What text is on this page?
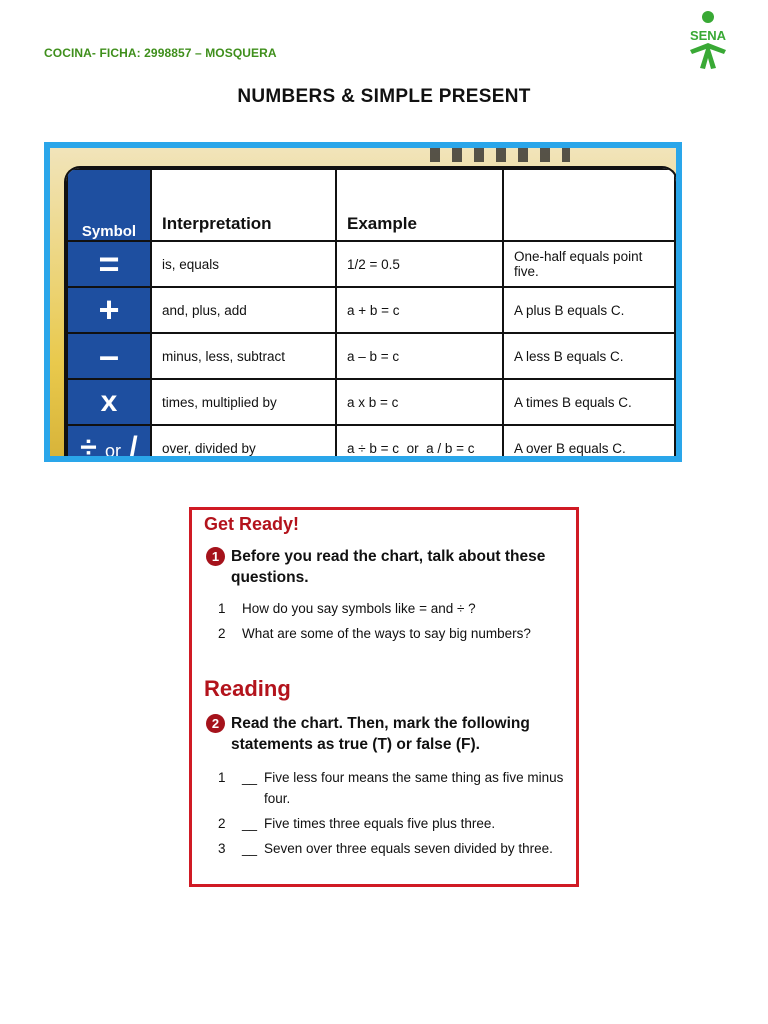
COCINA- FICHA: 2998857 – MOSQUERA
SENA
NUMBERS & SIMPLE PRESENT
Symbol	Interpretation	Example	
=	is, equals	1/2 = 0.5	One-half equals point five.
+	and, plus, add	a + b = c	A plus B equals C.
–	minus, less, subtract	a – b = c	A less B equals C.
x	times, multiplied by	a x b = c	A times B equals C.
÷ or /	over, divided by	a ÷ b = c  or  a / b = c	A over B equals C.

Get Ready!
1 Before you read the chart, talk about these questions.
1	How do you say symbols like = and ÷ ?
2	What are some of the ways to say big numbers?
Reading
2 Read the chart. Then, mark the following statements as true (T) or false (F).
1	__ Five less four means the same thing as five minus four.
2	__ Five times three equals five plus three.
3	__ Seven over three equals seven divided by three.
